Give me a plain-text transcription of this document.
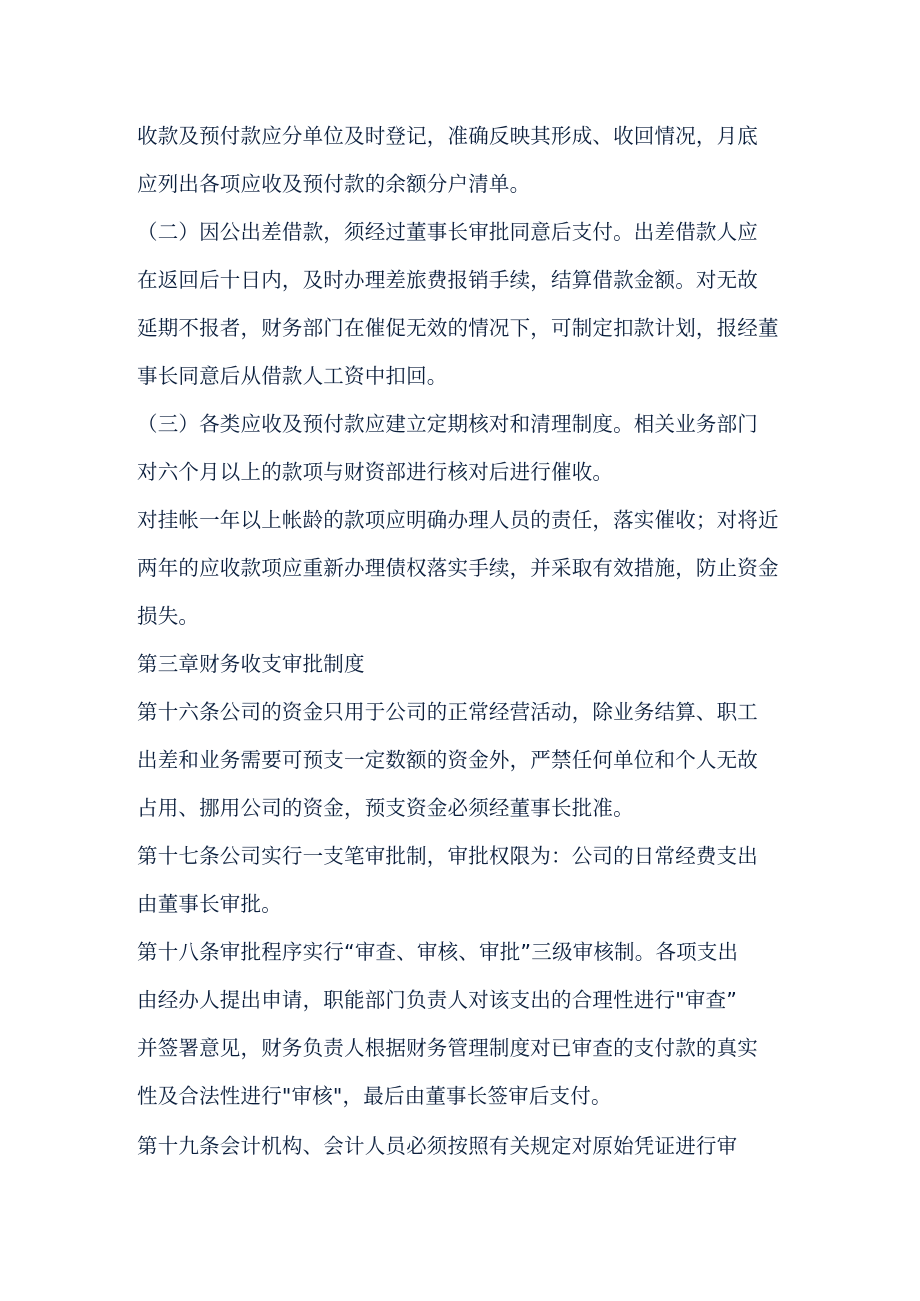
收款及预付款应分单位及时登记，准确反映其形成、收回情况，月底
应列出各项应收及预付款的余额分户清单。
（二）因公出差借款，须经过董事长审批同意后支付。出差借款人应
在返回后十日内，及时办理差旅费报销手续，结算借款金额。对无故
延期不报者，财务部门在催促无效的情况下，可制定扣款计划，报经董
事长同意后从借款人工资中扣回。
（三）各类应收及预付款应建立定期核对和清理制度。相关业务部门
对六个月以上的款项与财资部进行核对后进行催收。
对挂帐一年以上帐龄的款项应明确办理人员的责任，落实催收；对将近
两年的应收款项应重新办理债权落实手续，并采取有效措施，防止资金
损失。
第三章财务收支审批制度
第十六条公司的资金只用于公司的正常经营活动，除业务结算、职工
出差和业务需要可预支一定数额的资金外，严禁任何单位和个人无故
占用、挪用公司的资金，预支资金必须经董事长批准。
第十七条公司实行一支笔审批制，审批权限为：公司的日常经费支出
由董事长审批。
第十八条审批程序实行“审查、审核、审批”三级审核制。各项支出
由经办人提出申请，职能部门负责人对该支出的合理性进行"审查”
并签署意见，财务负责人根据财务管理制度对已审查的支付款的真实
性及合法性进行"审核"，最后由董事长签审后支付。
第十九条会计机构、会计人员必须按照有关规定对原始凭证进行审
